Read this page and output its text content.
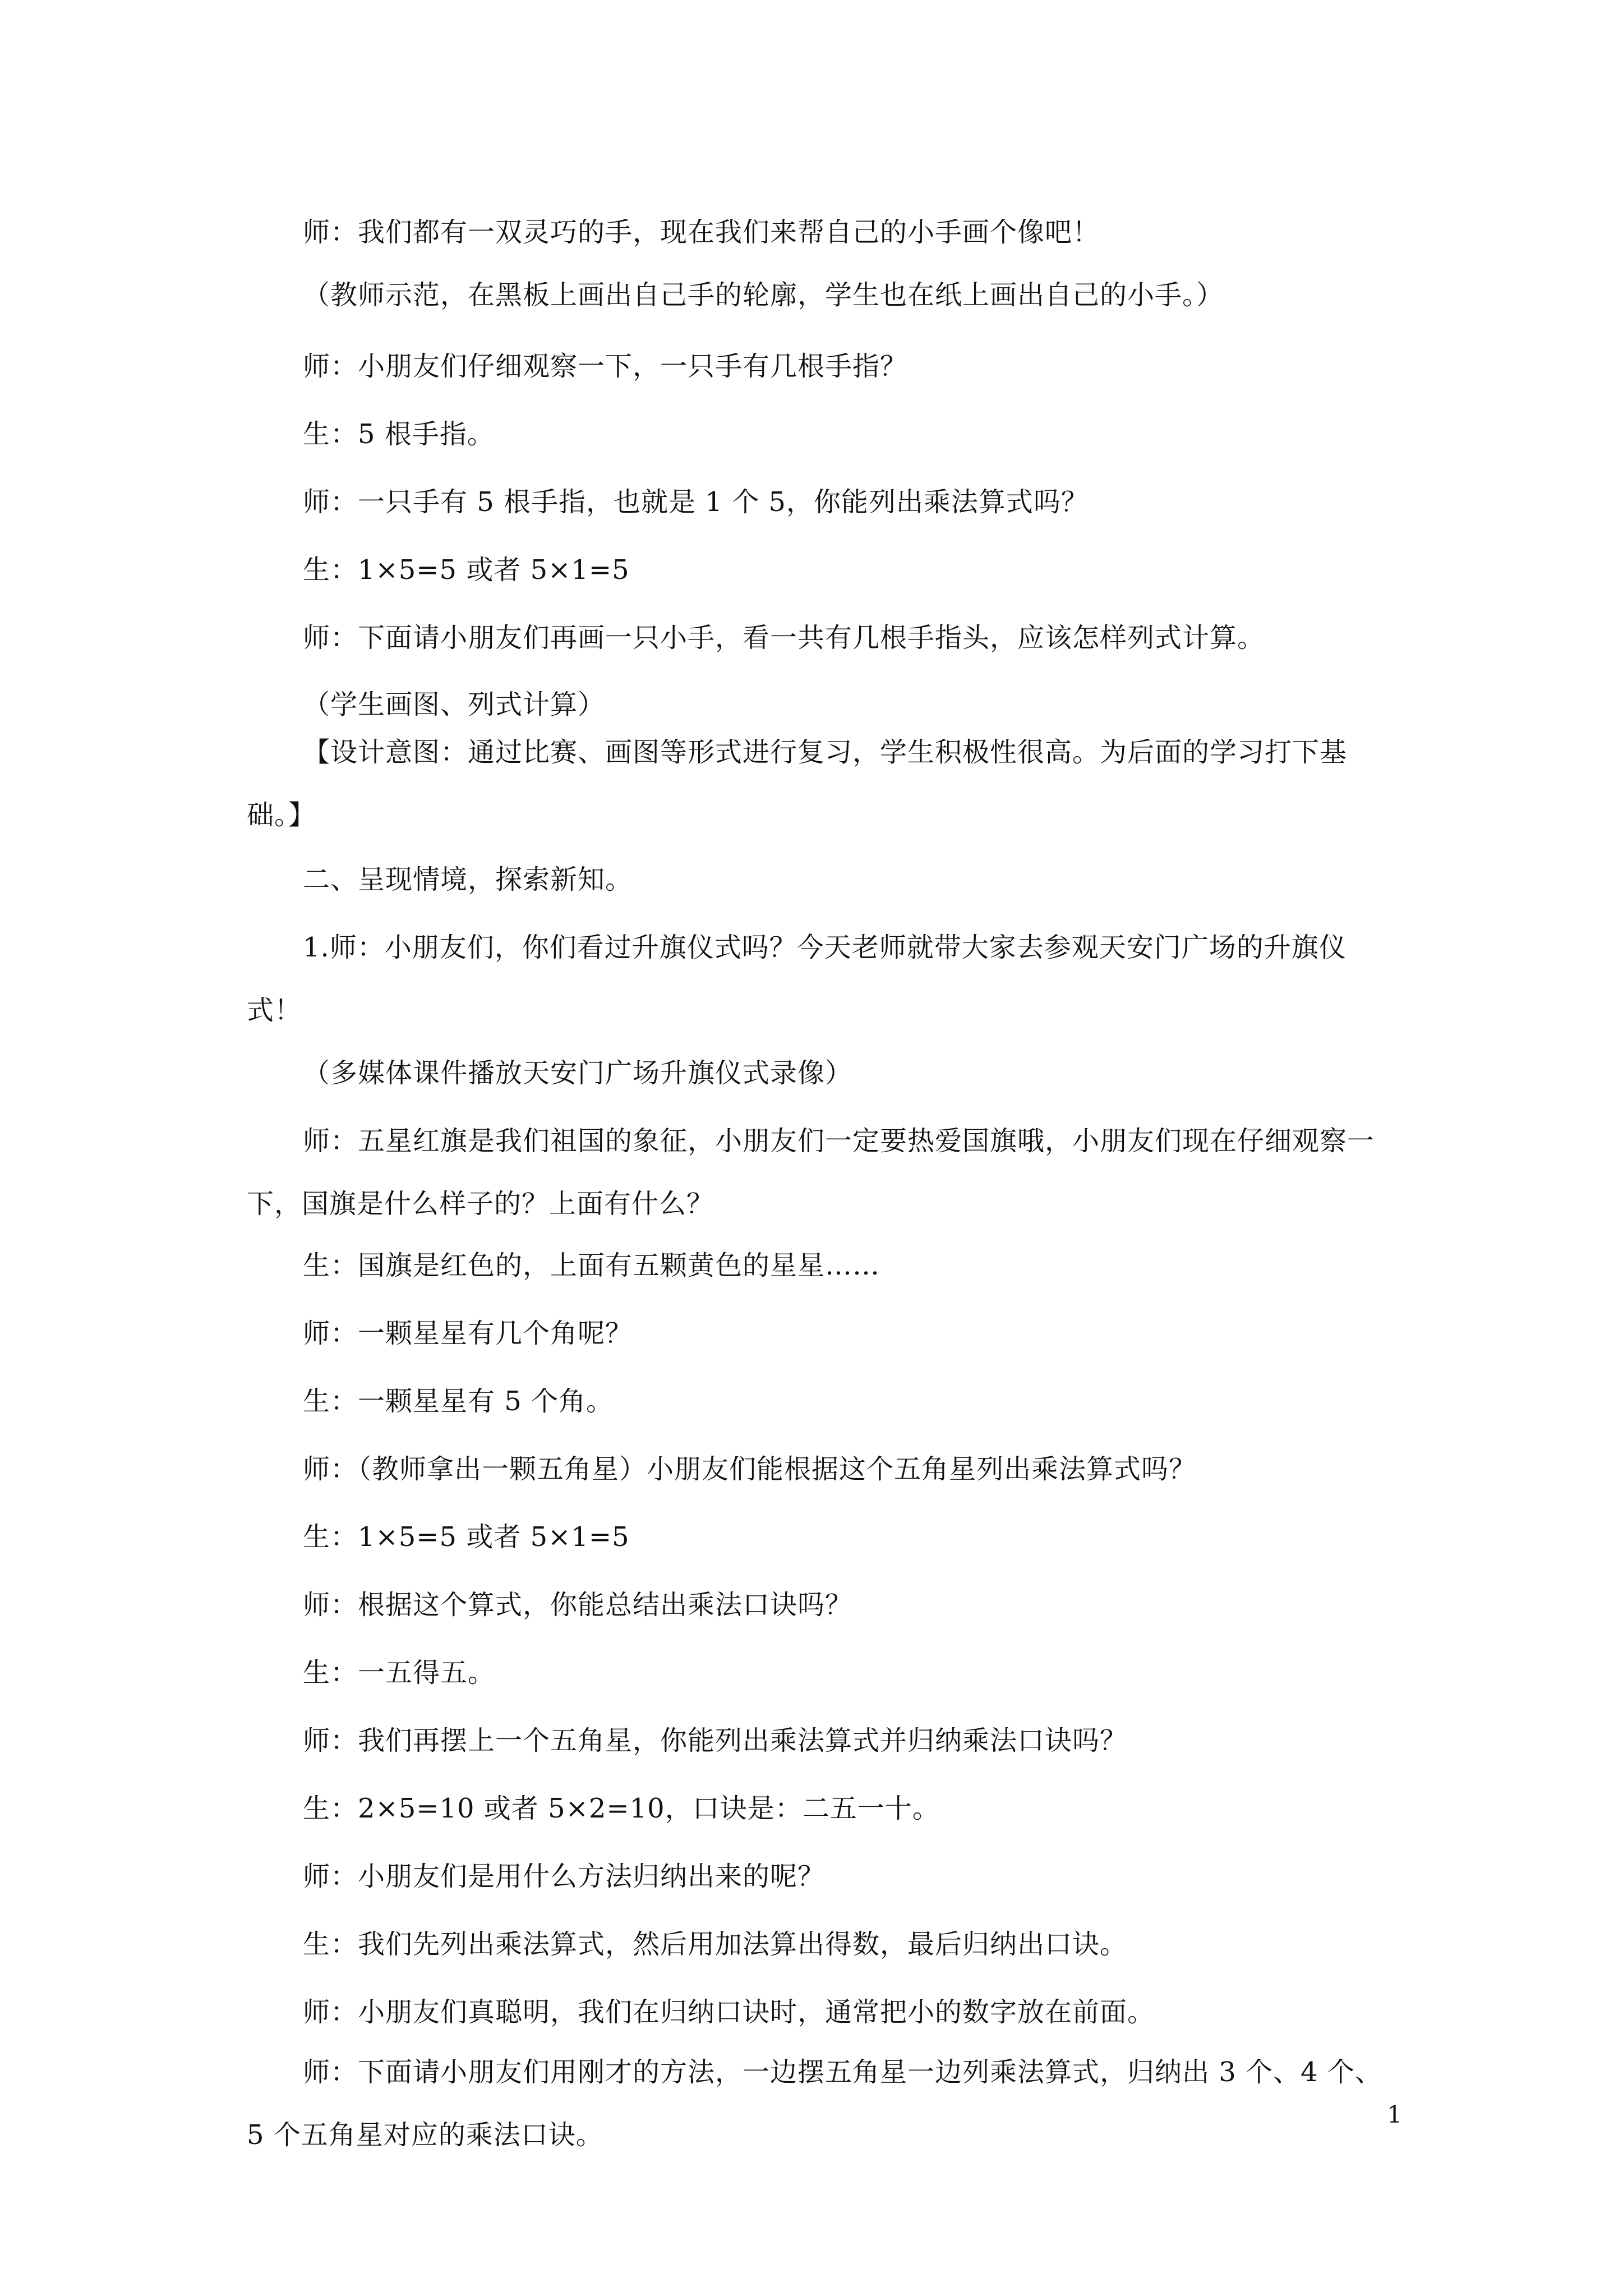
师：我们都有一双灵巧的手，现在我们来帮自己的小手画个像吧！

（教师示范，在黑板上画出自己手的轮廓，学生也在纸上画出自己的小手。）

师：小朋友们仔细观察一下，一只手有几根手指？

生：5 根手指。

师：一只手有 5 根手指，也就是 1 个 5，你能列出乘法算式吗？

生：1×5=5 或者 5×1=5

师：下面请小朋友们再画一只小手，看一共有几根手指头，应该怎样列式计算。

（学生画图、列式计算）

【设计意图：通过比赛、画图等形式进行复习，学生积极性很高。为后面的学习打下基础。】

二、呈现情境，探索新知。

1.师：小朋友们，你们看过升旗仪式吗？今天老师就带大家去参观天安门广场的升旗仪式！

（多媒体课件播放天安门广场升旗仪式录像）

师：五星红旗是我们祖国的象征，小朋友们一定要热爱国旗哦，小朋友们现在仔细观察一下，国旗是什么样子的？上面有什么？

生：国旗是红色的，上面有五颗黄色的星星……

师：一颗星星有几个角呢？

生：一颗星星有 5 个角。

师：（教师拿出一颗五角星）小朋友们能根据这个五角星列出乘法算式吗？

生：1×5=5 或者 5×1=5

师：根据这个算式，你能总结出乘法口诀吗？

生：一五得五。

师：我们再摆上一个五角星，你能列出乘法算式并归纳乘法口诀吗？

生：2×5=10 或者 5×2=10，口诀是：二五一十。

师：小朋友们是用什么方法归纳出来的呢？

生：我们先列出乘法算式，然后用加法算出得数，最后归纳出口诀。

师：小朋友们真聪明，我们在归纳口诀时，通常把小的数字放在前面。

师：下面请小朋友们用刚才的方法，一边摆五角星一边列乘法算式，归纳出 3 个、4 个、5 个五角星对应的乘法口诀。

1
